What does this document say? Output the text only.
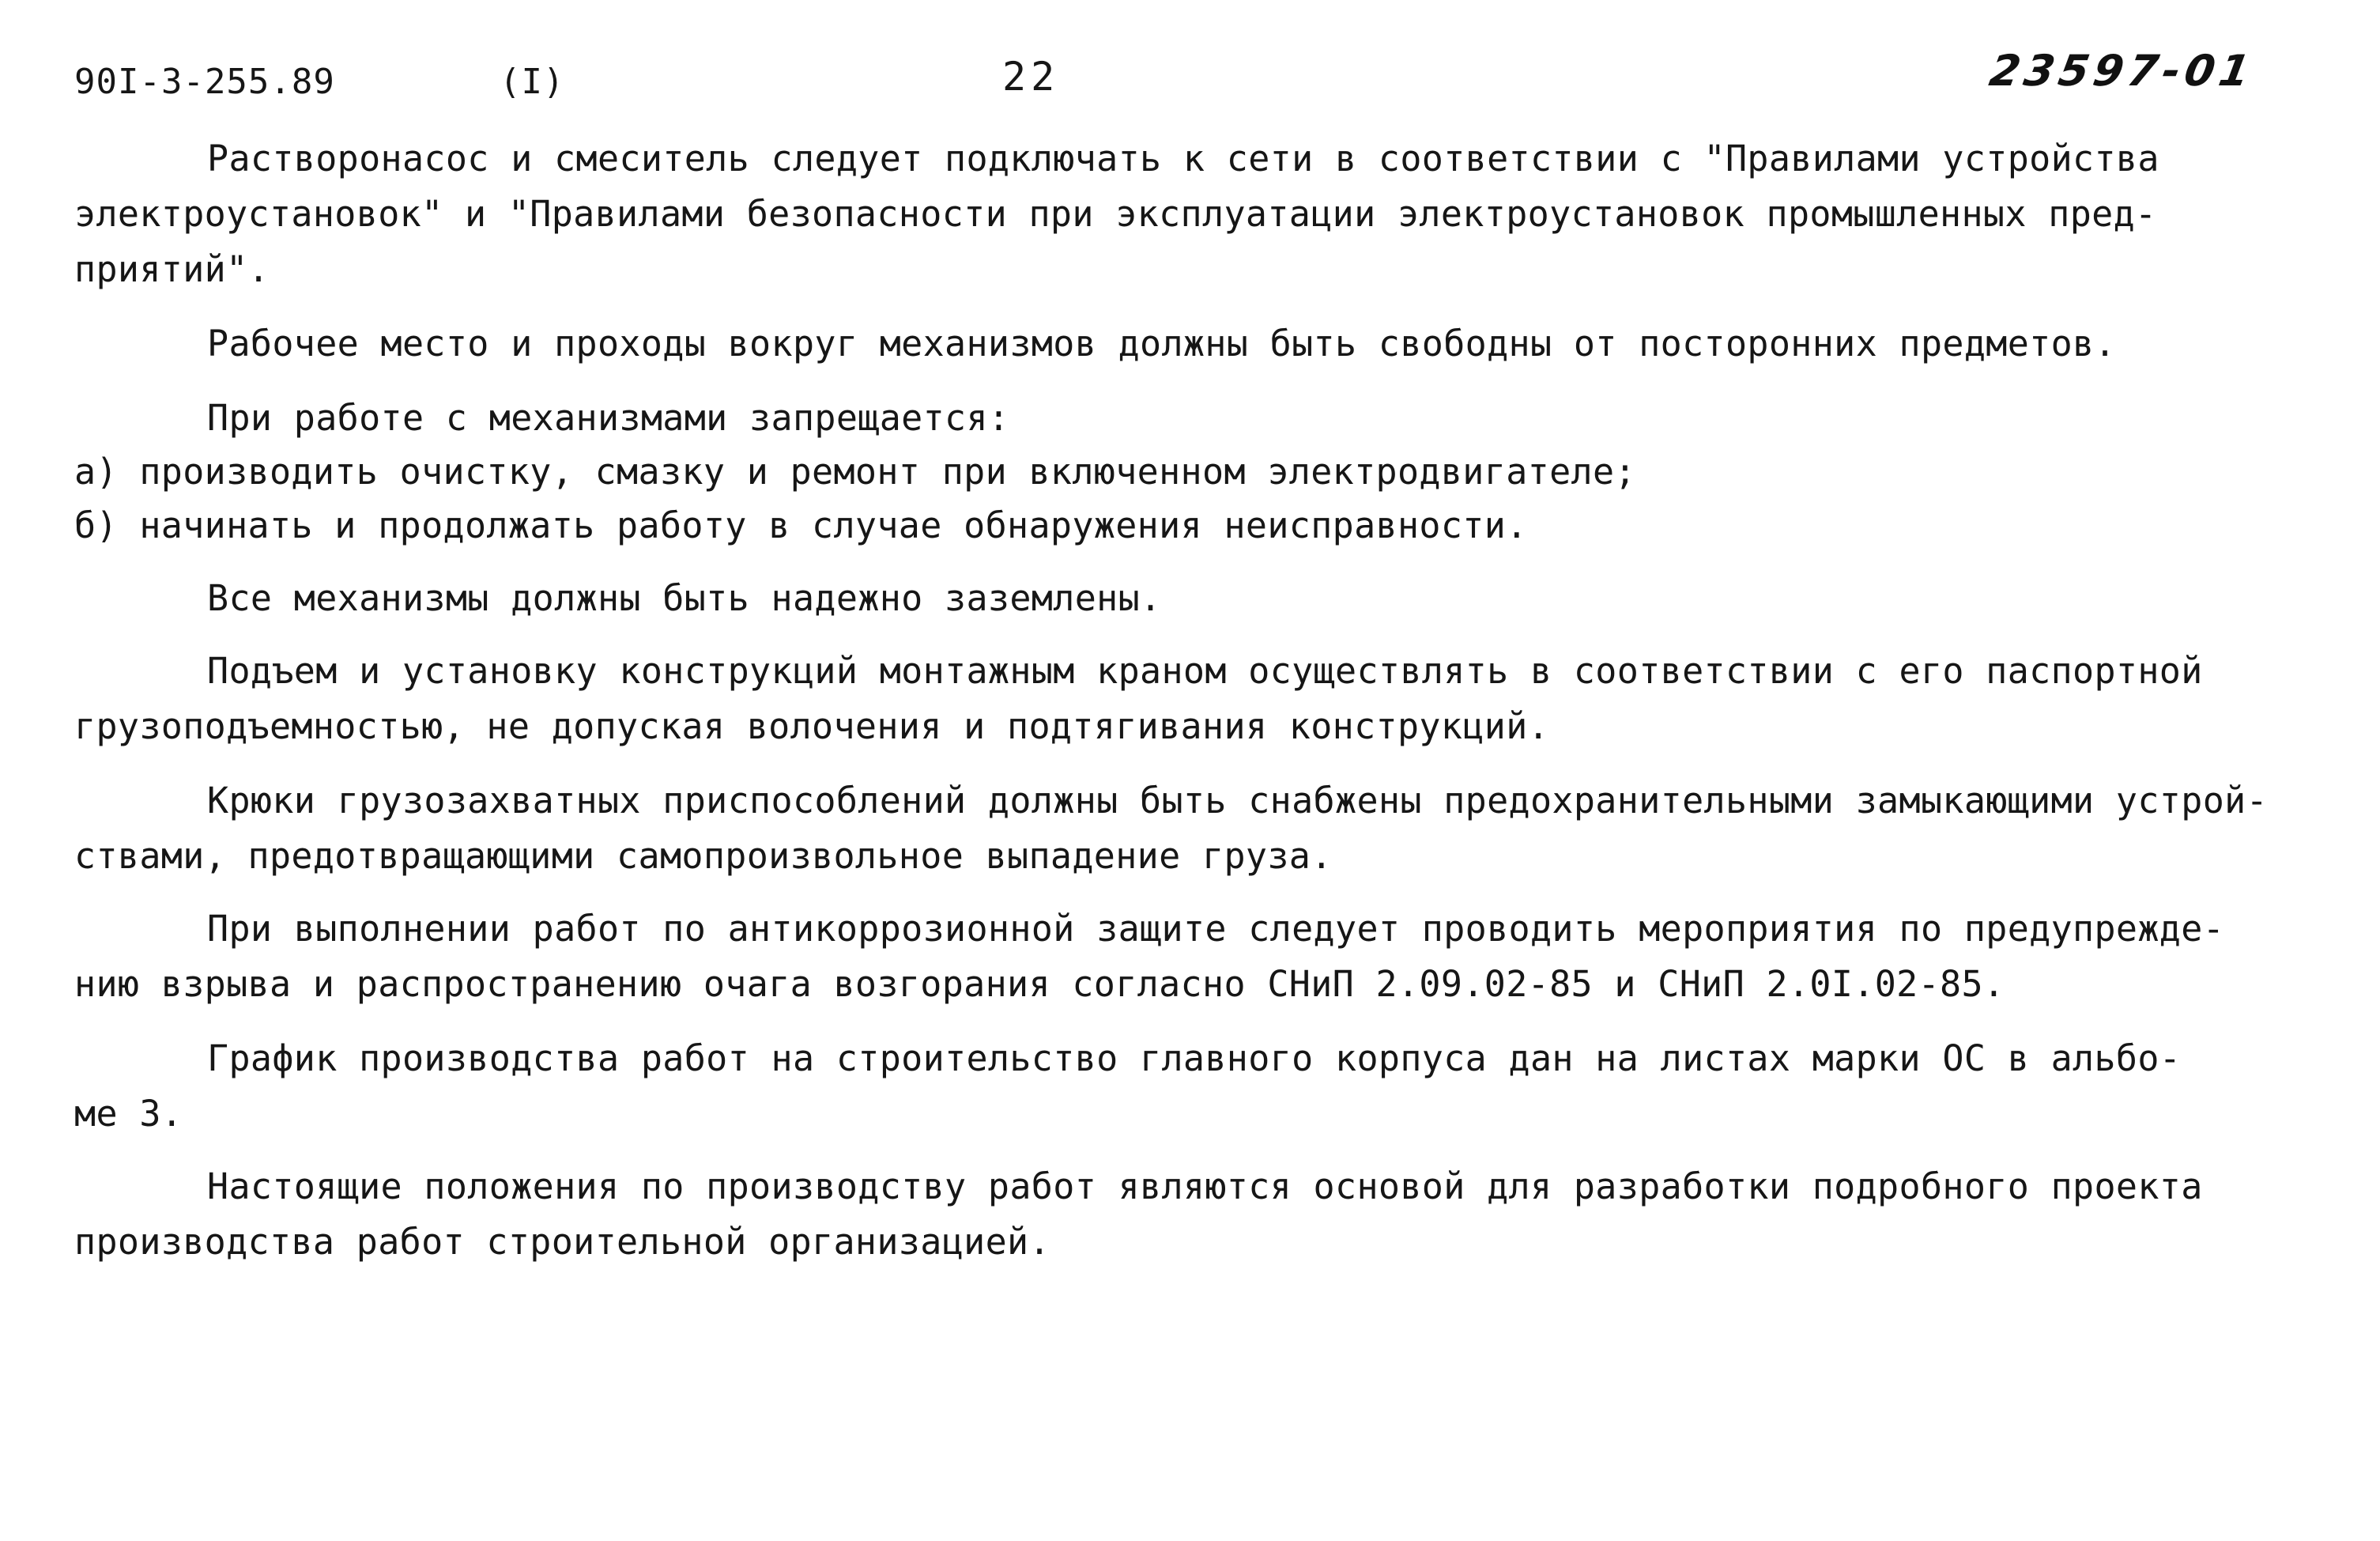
90I-3-255.89	(I)	22	23597-01
Растворонасос и смеситель следует подключать к сети в соответствии с "Правилами устройства
электроустановок" и "Правилами безопасности при эксплуатации электроустановок промышленных пред-
приятий".
Рабочее место и проходы вокруг механизмов должны быть свободны от посторонних предметов.
При работе с механизмами запрещается:
а) производить очистку, смазку и ремонт при включенном электродвигателе;
б) начинать и продолжать работу в случае обнаружения неисправности.
Все механизмы должны быть надежно заземлены.
Подъем и установку конструкций монтажным краном осуществлять в соответствии с его паспортной
грузоподъемностью, не допуская волочения и подтягивания конструкций.
Крюки грузозахватных приспособлений должны быть снабжены предохранительными замыкающими устрой-
ствами, предотвращающими самопроизвольное выпадение груза.
При выполнении работ по антикоррозионной защите следует проводить мероприятия по предупрежде-
нию взрыва и распространению очага возгорания согласно СНиП 2.09.02-85 и СНиП 2.0I.02-85.
График производства работ на строительство главного корпуса дан на листах марки ОС в альбо-
ме 3.
Настоящие положения по производству работ являются основой для разработки подробного проекта
производства работ строительной организацией.
